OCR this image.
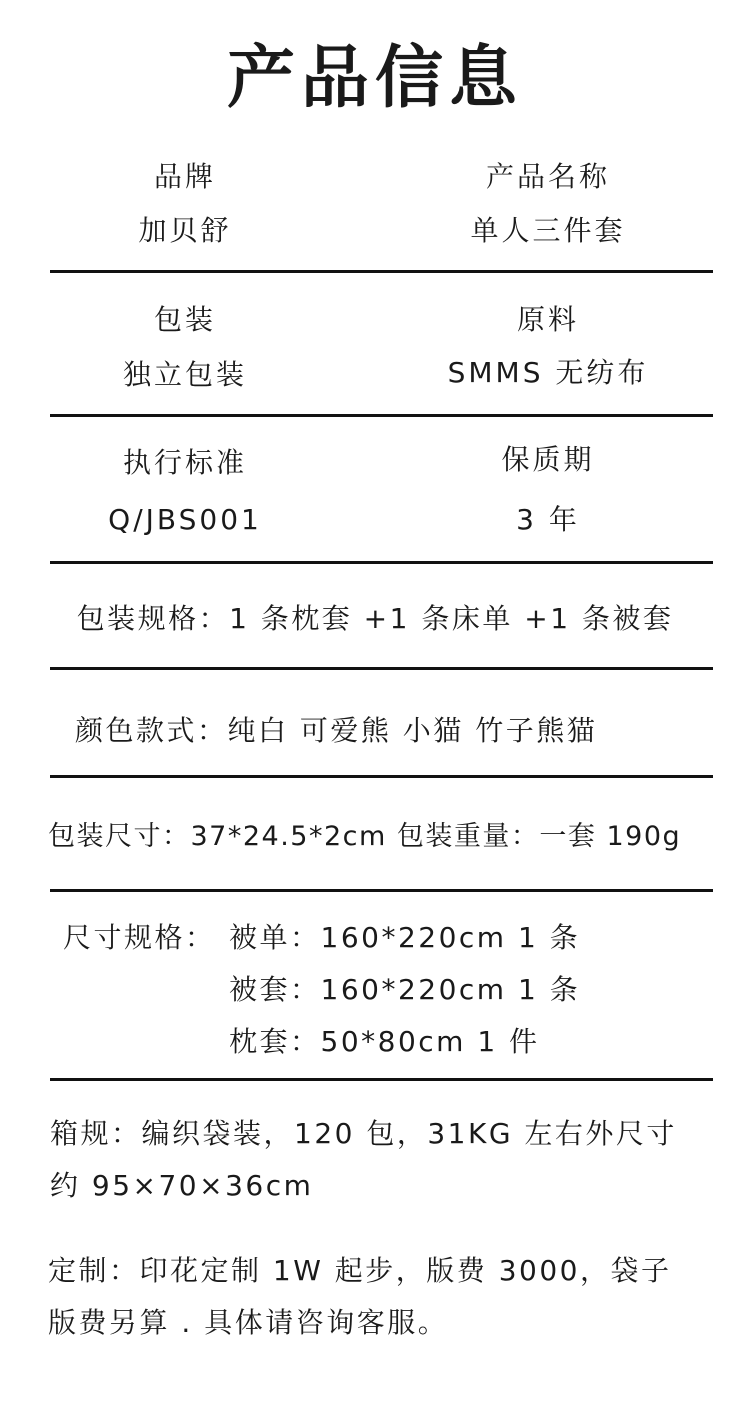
产品信息
品牌
加贝舒
产品名称
单人三件套
包装
独立包装
原料
SMMS 无纺布
执行标准
Q/JBS001
保质期
3 年
包装规格：1 条枕套 +1 条床单 +1 条被套
颜色款式：纯白 可爱熊 小猫 竹子熊猫
包装尺寸：37*24.5*2cm 包装重量：一套 190g
尺寸规格： 被单：160*220cm 1 条
被套：160*220cm 1 条
枕套：50*80cm 1 件
箱规：编织袋装，120 包，31KG 左右外尺寸
约 95×70×36cm
定制：印花定制 1W 起步，版费 3000，袋子
版费另算 . 具体请咨询客服。
